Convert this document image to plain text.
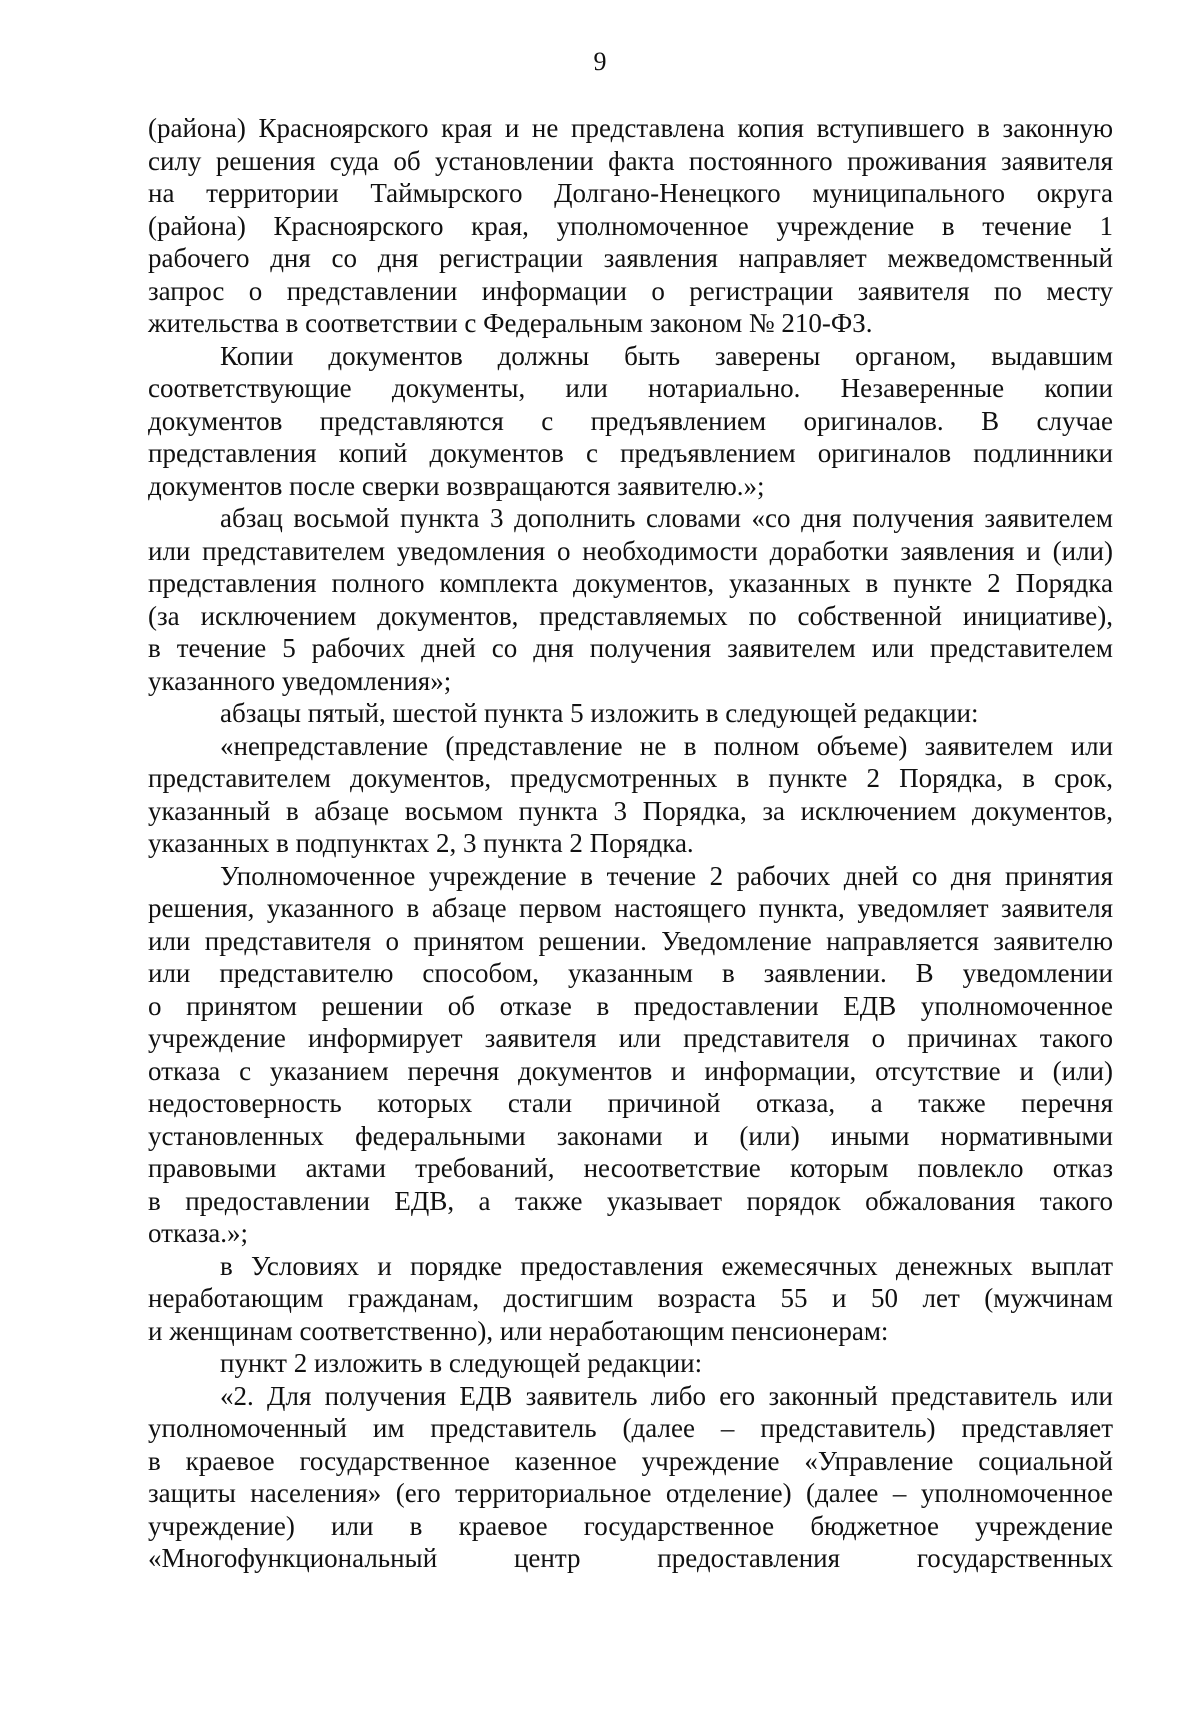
9
(района) Красноярского края и не представлена копия вступившего в законную
силу решения суда об установлении факта постоянного проживания заявителя
на территории Таймырского Долгано-Ненецкого муниципального округа
(района) Красноярского края, уполномоченное учреждение в течение 1
рабочего дня со дня регистрации заявления направляет межведомственный
запрос о представлении информации о регистрации заявителя по месту
жительства в соответствии с Федеральным законом № 210-ФЗ.
Копии документов должны быть заверены органом, выдавшим
соответствующие документы, или нотариально. Незаверенные копии
документов представляются с предъявлением оригиналов. В случае
представления копий документов с предъявлением оригиналов подлинники
документов после сверки возвращаются заявителю.»;
абзац восьмой пункта 3 дополнить словами «со дня получения заявителем
или представителем уведомления о необходимости доработки заявления и (или)
представления полного комплекта документов, указанных в пункте 2 Порядка
(за исключением документов, представляемых по собственной инициативе),
в течение 5 рабочих дней со дня получения заявителем или представителем
указанного уведомления»;
абзацы пятый, шестой пункта 5 изложить в следующей редакции:
«непредставление (представление не в полном объеме) заявителем или
представителем документов, предусмотренных в пункте 2 Порядка, в срок,
указанный в абзаце восьмом пункта 3 Порядка, за исключением документов,
указанных в подпунктах 2, 3 пункта 2 Порядка.
Уполномоченное учреждение в течение 2 рабочих дней со дня принятия
решения, указанного в абзаце первом настоящего пункта, уведомляет заявителя
или представителя о принятом решении. Уведомление направляется заявителю
или представителю способом, указанным в заявлении. В уведомлении
о принятом решении об отказе в предоставлении ЕДВ уполномоченное
учреждение информирует заявителя или представителя о причинах такого
отказа с указанием перечня документов и информации, отсутствие и (или)
недостоверность которых стали причиной отказа, а также перечня
установленных федеральными законами и (или) иными нормативными
правовыми актами требований, несоответствие которым повлекло отказ
в предоставлении ЕДВ, а также указывает порядок обжалования такого
отказа.»;
в Условиях и порядке предоставления ежемесячных денежных выплат
неработающим гражданам, достигшим возраста 55 и 50 лет (мужчинам
и женщинам соответственно), или неработающим пенсионерам:
пункт 2 изложить в следующей редакции:
«2. Для получения ЕДВ заявитель либо его законный представитель или
уполномоченный им представитель (далее – представитель) представляет
в краевое государственное казенное учреждение «Управление социальной
защиты населения» (его территориальное отделение) (далее – уполномоченное
учреждение) или в краевое государственное бюджетное учреждение
«Многофункциональный центр предоставления государственных
